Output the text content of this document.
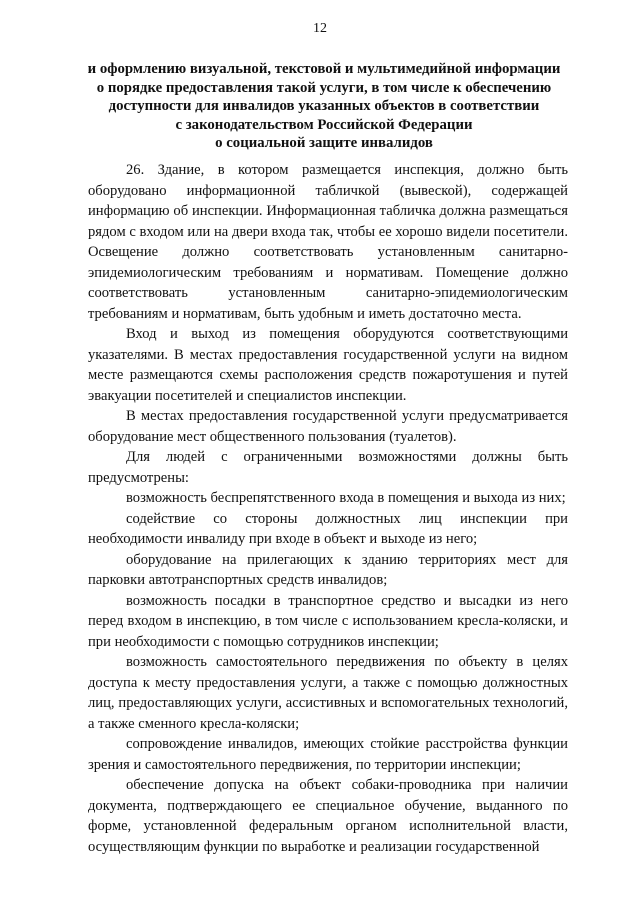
12
и оформлению визуальной, текстовой и мультимедийной информации
о порядке предоставления такой услуги, в том числе к обеспечению
доступности для инвалидов указанных объектов в соответствии
с законодательством Российской Федерации
о социальной защите инвалидов

26. Здание, в котором размещается инспекция, должно быть оборудовано информационной табличкой (вывеской), содержащей информацию об инспекции. Информационная табличка должна размещаться рядом с входом или на двери входа так, чтобы ее хорошо видели посетители. Освещение должно соответствовать установленным санитарно-эпидемиологическим требованиям и нормативам. Помещение должно соответствовать установленным санитарно-эпидемиологическим требованиям и нормативам, быть удобным и иметь достаточно места.

Вход и выход из помещения оборудуются соответствующими указателями. В местах предоставления государственной услуги на видном месте размещаются схемы расположения средств пожаротушения и путей эвакуации посетителей и специалистов инспекции.

В местах предоставления государственной услуги предусматривается оборудование мест общественного пользования (туалетов).

Для людей с ограниченными возможностями должны быть предусмотрены:

возможность беспрепятственного входа в помещения и выхода из них;

содействие со стороны должностных лиц инспекции при необходимости инвалиду при входе в объект и выходе из него;

оборудование на прилегающих к зданию территориях мест для парковки автотранспортных средств инвалидов;

возможность посадки в транспортное средство и высадки из него перед входом в инспекцию, в том числе с использованием кресла-коляски, и при необходимости с помощью сотрудников инспекции;

возможность самостоятельного передвижения по объекту в целях доступа к месту предоставления услуги, а также с помощью должностных лиц, предоставляющих услуги, ассистивных и вспомогательных технологий, а также сменного кресла-коляски;

сопровождение инвалидов, имеющих стойкие расстройства функции зрения и самостоятельного передвижения, по территории инспекции;

обеспечение допуска на объект собаки-проводника при наличии документа, подтверждающего ее специальное обучение, выданного по форме, установленной федеральным органом исполнительной власти, осуществляющим функции по выработке и реализации государственной
